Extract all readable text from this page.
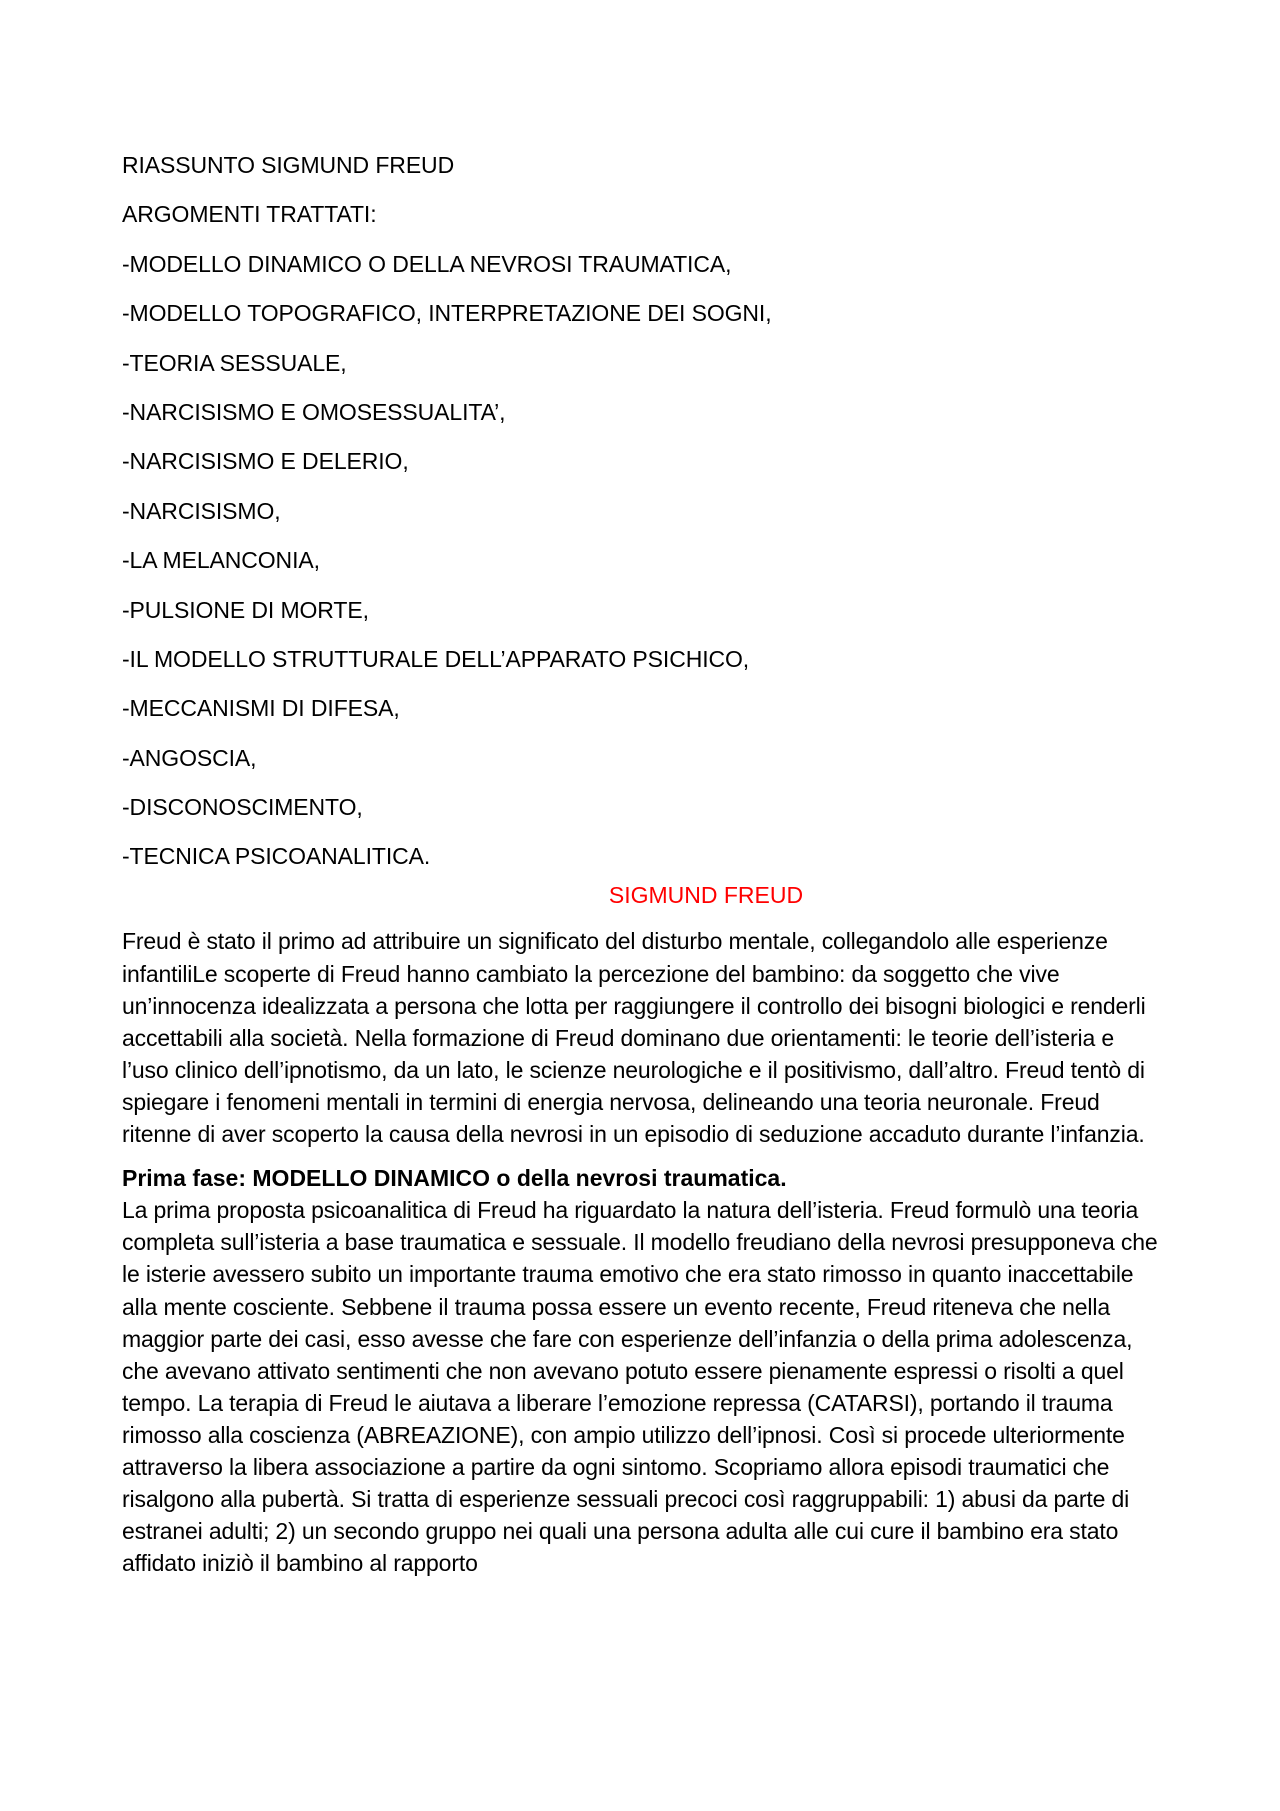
RIASSUNTO SIGMUND FREUD

ARGOMENTI TRATTATI:

-MODELLO DINAMICO O DELLA NEVROSI TRAUMATICA,
-MODELLO TOPOGRAFICO, INTERPRETAZIONE DEI SOGNI,
-TEORIA SESSUALE,
-NARCISISMO E OMOSESSUALITA’,
-NARCISISMO E DELERIO,
-NARCISISMO,
-LA MELANCONIA,
-PULSIONE DI MORTE,
-IL MODELLO STRUTTURALE DELL’APPARATO PSICHICO,
-MECCANISMI DI DIFESA,
-ANGOSCIA,
-DISCONOSCIMENTO,
-TECNICA PSICOANALITICA.
SIGMUND FREUD

Freud è stato il primo ad attribuire un significato del disturbo mentale, collegandolo alle esperienze infantiliLe scoperte di Freud hanno cambiato la percezione del bambino: da soggetto che vive un’innocenza idealizzata a persona che lotta per raggiungere il controllo dei bisogni biologici e renderli accettabili alla società. Nella formazione di Freud dominano due orientamenti: le teorie dell’isteria e l’uso clinico dell’ipnotismo, da un lato, le scienze neurologiche e il positivismo, dall’altro. Freud tentò di spiegare i fenomeni mentali in termini di energia nervosa, delineando una teoria neuronale. Freud ritenne di aver scoperto la causa della nevrosi in un episodio di seduzione accaduto durante l’infanzia.

Prima fase: MODELLO DINAMICO o della nevrosi traumatica.

La prima proposta psicoanalitica di Freud ha riguardato la natura dell’isteria. Freud formulò una teoria completa sull’isteria a base traumatica e sessuale. Il modello freudiano della nevrosi presupponeva che le isterie avessero subito un importante trauma emotivo che era stato rimosso in quanto inaccettabile alla mente cosciente. Sebbene il trauma possa essere un evento recente, Freud riteneva che nella maggior parte dei casi, esso avesse che fare con esperienze dell’infanzia o della prima adolescenza, che avevano attivato sentimenti che non avevano potuto essere pienamente espressi o risolti a quel tempo. La terapia di Freud le aiutava a liberare l’emozione repressa (CATARSI), portando il trauma rimosso alla coscienza (ABREAZIONE), con ampio utilizzo dell’ipnosi. Così si procede ulteriormente attraverso la libera associazione a partire da ogni sintomo. Scopriamo allora episodi traumatici che risalgono alla pubertà. Si tratta di esperienze sessuali precoci così raggruppabili: 1) abusi da parte di estranei adulti; 2) un secondo gruppo nei quali una persona adulta alle cui cure il bambino era stato affidato iniziò il bambino al rapporto
